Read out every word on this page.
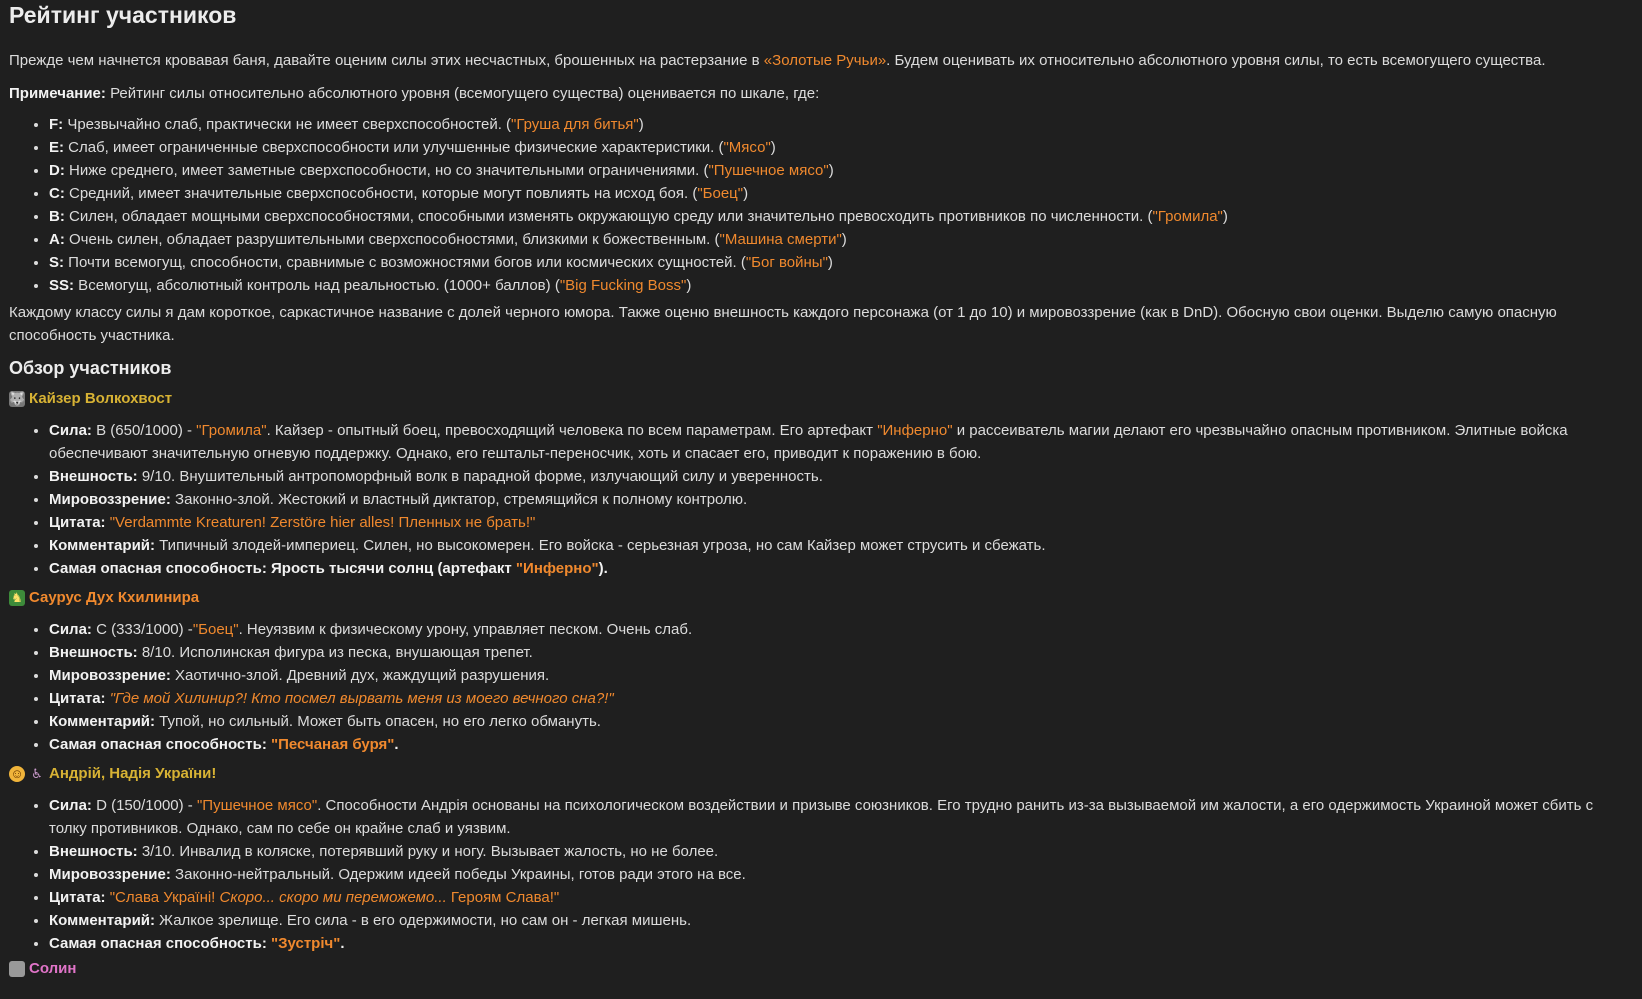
Рейтинг участников

Прежде чем начнется кровавая баня, давайте оценим силы этих несчастных, брошенных на растерзание в «Золотые Ручьи». Будем оценивать их относительно абсолютного уровня силы, то есть всемогущего существа.

Примечание: Рейтинг силы относительно абсолютного уровня (всемогущего существа) оценивается по шкале, где:

• F: Чрезвычайно слаб, практически не имеет сверхспособностей. ("Груша для битья")
• E: Слаб, имеет ограниченные сверхспособности или улучшенные физические характеристики. ("Мясо")
• D: Ниже среднего, имеет заметные сверхспособности, но со значительными ограничениями. ("Пушечное мясо")
• C: Средний, имеет значительные сверхспособности, которые могут повлиять на исход боя. ("Боец")
• B: Силен, обладает мощными сверхспособностями, способными изменять окружающую среду или значительно превосходить противников по численности. ("Громила")
• A: Очень силен, обладает разрушительными сверхспособностями, близкими к божественным. ("Машина смерти")
• S: Почти всемогущ, способности, сравнимые с возможностями богов или космических сущностей. ("Бог войны")
• SS: Всемогущ, абсолютный контроль над реальностью. (1000+ баллов) ("Big Fucking Boss")

Каждому классу силы я дам короткое, саркастичное название с долей черного юмора. Также оценю внешность каждого персонажа (от 1 до 10) и мировоззрение (как в DnD). Обосную свои оценки. Выделю самую опасную способность участника.

Обзор участников
🐺 Кайзер Волкохвост
• Сила: B (650/1000) - "Громила". Кайзер - опытный боец, превосходящий человека по всем параметрам. Его артефакт "Инферно" и рассеиватель магии делают его чрезвычайно опасным противником. Элитные войска обеспечивают значительную огневую поддержку. Однако, его гештальт-переносчик, хоть и спасает его, приводит к поражению в бою.
• Внешность: 9/10. Внушительный антропоморфный волк в парадной форме, излучающий силу и уверенность.
• Мировоззрение: Законно-злой. Жестокий и властный диктатор, стремящийся к полному контролю.
• Цитата: "Verdammte Kreaturen! Zerstöre hier alles! Пленных не брать!"
• Комментарий: Типичный злодей-империец. Силен, но высокомерен. Его войска - серьезная угроза, но сам Кайзер может струсить и сбежать.
• Самая опасная способность: Ярость тысячи солнц (артефакт "Инферно").
♞ Саурус Дух Кхилинира
• Сила: C (333/1000) -"Боец". Неуязвим к физическому урону, управляет песком. Очень слаб.
• Внешность: 8/10. Исполинская фигура из песка, внушающая трепет.
• Мировоззрение: Хаотично-злой. Древний дух, жаждущий разрушения.
• Цитата: "Где мой Хилинир?! Кто посмел вырвать меня из моего вечного сна?!"
• Комментарий: Тупой, но сильный. Может быть опасен, но его легко обмануть.
• Самая опасная способность: "Песчаная буря".
☺ ♿ Андрій, Надія України!
• Сила: D (150/1000) - "Пушечное мясо". Способности Андрія основаны на психологическом воздействии и призыве союзников. Его трудно ранить из-за вызываемой им жалости, а его одержимость Украиной может сбить с толку противников. Однако, сам по себе он крайне слаб и уязвим.
• Внешность: 3/10. Инвалид в коляске, потерявший руку и ногу. Вызывает жалость, но не более.
• Мировоззрение: Законно-нейтральный. Одержим идеей победы Украины, готов ради этого на все.
• Цитата: "Слава Україні! Скоро... скоро ми переможемо... Героям Слава!"
• Комментарий: Жалкое зрелище. Его сила - в его одержимости, но сам он - легкая мишень.
• Самая опасная способность: "Зустріч".
Солин
